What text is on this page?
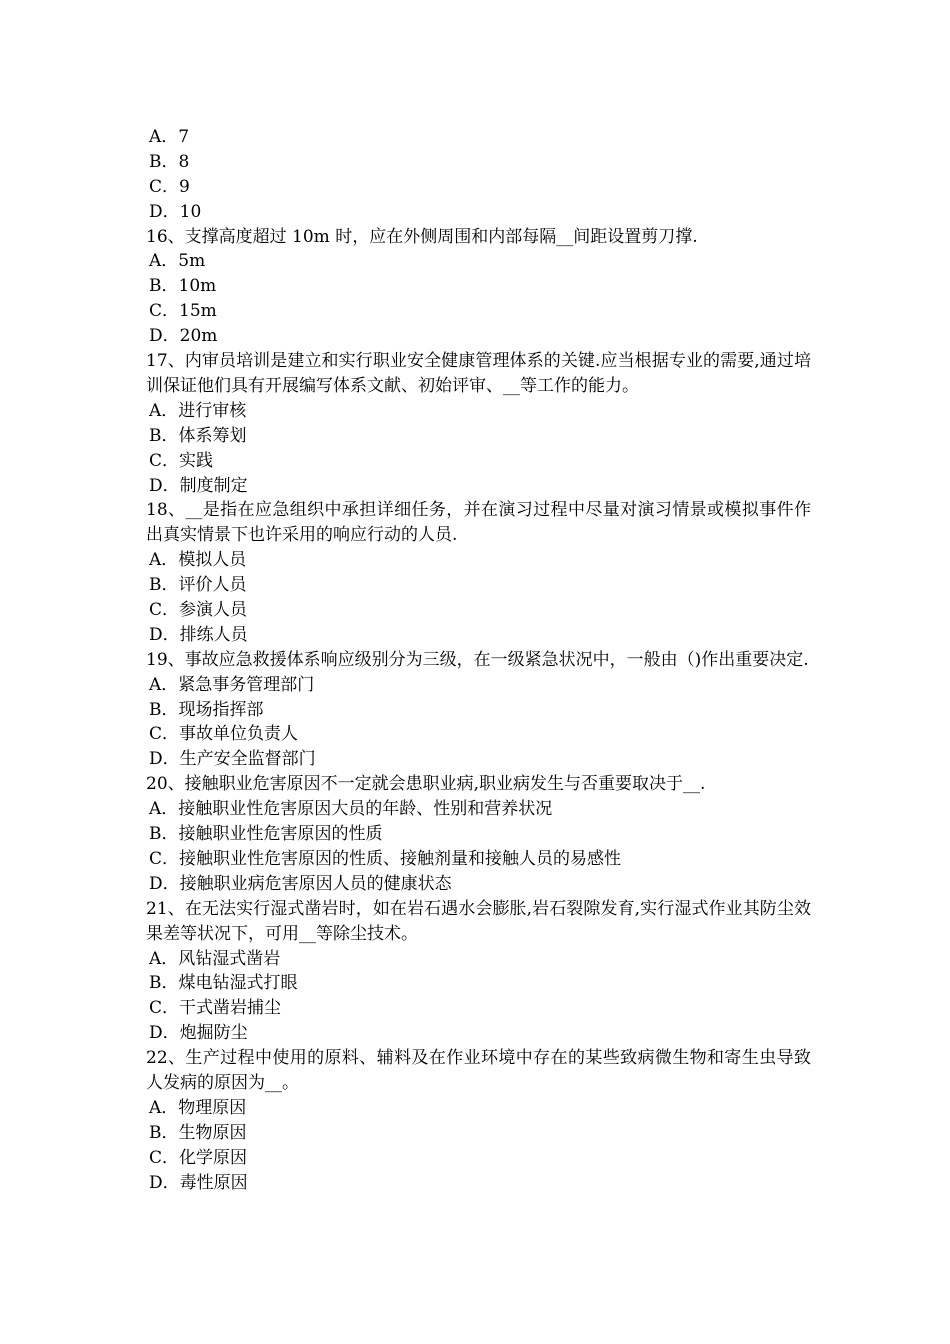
A．7
B．8
C．9
D．10
16、支撑高度超过 10m 时，应在外侧周围和内部每隔__间距设置剪刀撑.
A．5m
B．10m
C．15m
D．20m
17、内审员培训是建立和实行职业安全健康管理体系的关键.应当根据专业的需要,通过培训保证他们具有开展编写体系文献、初始评审、__等工作的能力。
A．进行审核
B．体系筹划
C．实践
D．制度制定
18、__是指在应急组织中承担详细任务，并在演习过程中尽量对演习情景或模拟事件作出真实情景下也许采用的响应行动的人员.
A．模拟人员
B．评价人员
C．参演人员
D．排练人员
19、事故应急救援体系响应级别分为三级，在一级紧急状况中，一般由（)作出重要决定.
A．紧急事务管理部门
B．现场指挥部
C．事故单位负责人
D．生产安全监督部门
20、接触职业危害原因不一定就会患职业病,职业病发生与否重要取决于__.
A．接触职业性危害原因大员的年龄、性别和营养状况
B．接触职业性危害原因的性质
C．接触职业性危害原因的性质、接触剂量和接触人员的易感性
D．接触职业病危害原因人员的健康状态
21、在无法实行湿式凿岩时，如在岩石遇水会膨胀,岩石裂隙发育,实行湿式作业其防尘效果差等状况下，可用__等除尘技术。
A．风钻湿式凿岩
B．煤电钻湿式打眼
C．干式凿岩捕尘
D．炮掘防尘
22、生产过程中使用的原料、辅料及在作业环境中存在的某些致病微生物和寄生虫导致人发病的原因为__。
A．物理原因
B．生物原因
C．化学原因
D．毒性原因
